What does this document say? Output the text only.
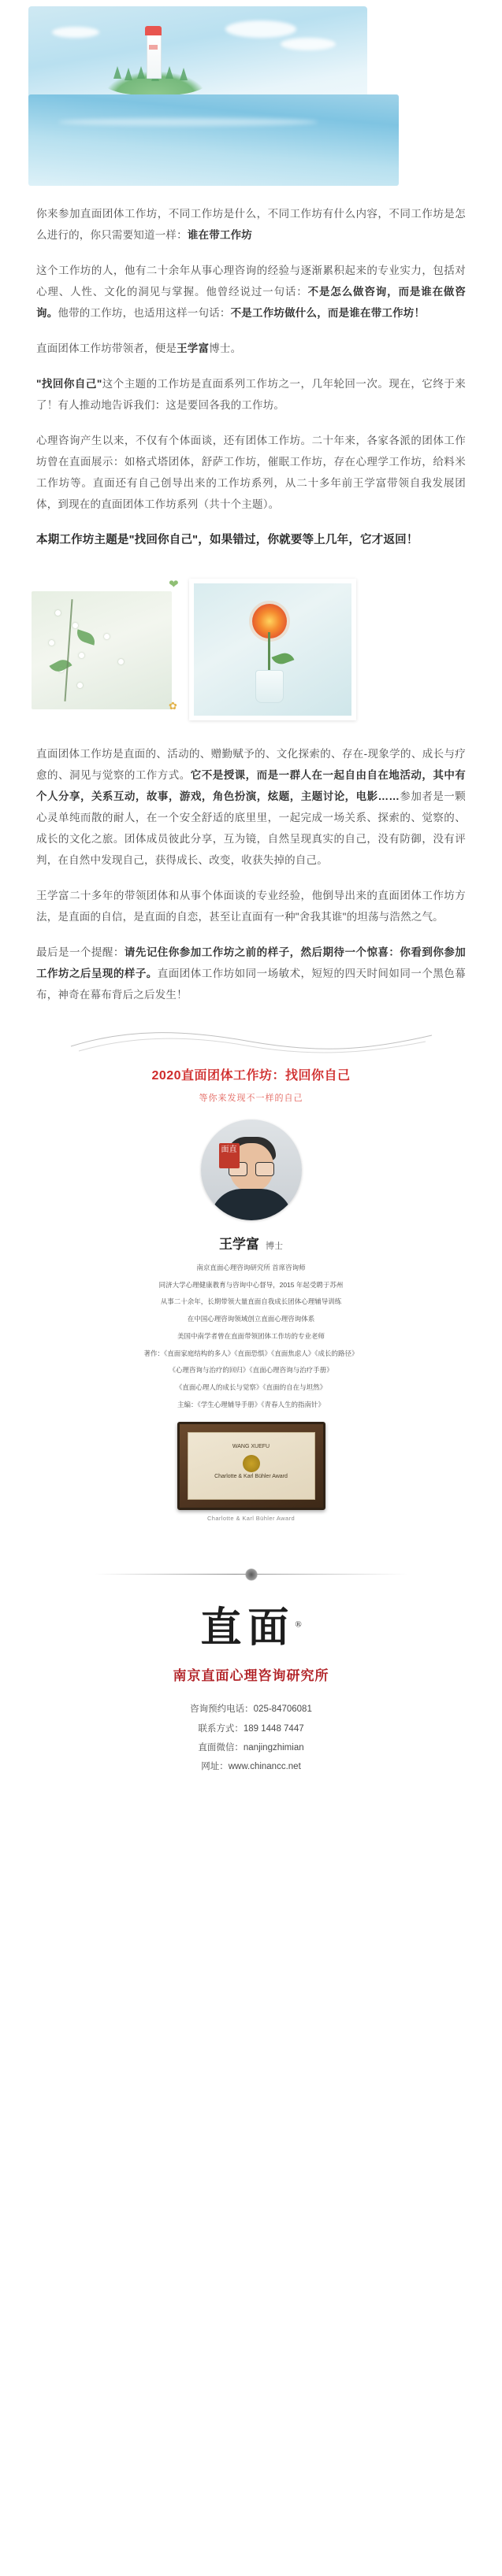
你来参加直面团体工作坊，不同工作坊是什么，不同工作坊有什么内容，不同工作坊是怎么进行的，你只需要知道一样：谁在带工作坊

这个工作坊的人，他有二十余年从事心理咨询的经验与逐渐累积起来的专业实力，包括对心理、人性、文化的洞见与掌握。他曾经说过一句话：不是怎么做咨询，而是谁在做咨询。他带的工作坊，也适用这样一句话：不是工作坊做什么，而是谁在带工作坊！

直面团体工作坊带领者，便是王学富博士。

"找回你自己"这个主题的工作坊是直面系列工作坊之一，几年轮回一次。现在，它终于来了！有人推动地告诉我们：这是要回各我的工作坊。

心理咨询产生以来，不仅有个体面谈，还有团体工作坊。二十年来，各家各派的团体工作坊曾在直面展示：如格式塔团体，舒萨工作坊，催眠工作坊，存在心理学工作坊，给料米工作坊等。直面还有自己创导出来的工作坊系列，从二十多年前王学富带领自我发展团体，到现在的直面团体工作坊系列（共十个主题）。

本期工作坊主题是"找回你自己"，如果错过，你就要等上几年，它才返回！

❤
✿

直面团体工作坊是直面的、活动的、赠勤赋予的、文化探索的、存在-现象学的、成长与疗愈的、洞见与觉察的工作方式。它不是授课，而是一群人在一起自由自在地活动，其中有个人分享，关系互动，故事，游戏，角色扮演，炫题，主题讨论，电影……参加者是一颗心灵单纯而散的耐人，在一个安全舒适的底里里，一起完成一场关系、探索的、觉察的、成长的文化之旅。团体成员彼此分享，互为镜，自然呈现真实的自己，没有防御，没有评判，在自然中发现自己，获得成长、改变，收获失掉的自己。

王学富二十多年的带领团体和从事个体面谈的专业经验，他倒导出来的直面团体工作坊方法，是直面的自信，是直面的自恋，甚至让直面有一种"舍我其谁"的坦荡与浩然之气。

最后是一个提醒：请先记住你参加工作坊之前的样子，然后期待一个惊喜：你看到你参加工作坊之后呈现的样子。直面团体工作坊如同一场敏术，短短的四天时间如同一个黑色幕布，神奇在幕布背后之后发生！

2020直面团体工作坊：找回你自己
等你来发现不一样的自己
面直
王学富 博士

南京直面心理咨询研究所 首席咨询师

同济大学心理健康教育与咨询中心督导，2015 年起受聘于苏州

从事二十余年，长期带领大量直面自我成长团体心理辅导训练

在中国心理咨询领域创立直面心理咨询体系

美国中南学者曾在直面带领团体工作坊的专业老师

著作：《直面家庭结构的多人》《直面恐惧》《直面焦虑人》《成长的路径》

《心理咨询与治疗的回归》《直面心理咨询与治疗手册》

《直面心理人的成长与觉察》《直面的自在与坦然》

主编：《学生心理辅导手册》《青春人生的指南针》

WANG XUEFU
Charlotte & Karl Bühler Award
Charlotte & Karl Bühler Award
直面®
南京直面心理咨询研究所
咨询预约电话：025-84706081
联系方式：189 1448 7447
直面微信：nanjingzhimian
网址：www.chinancc.net
